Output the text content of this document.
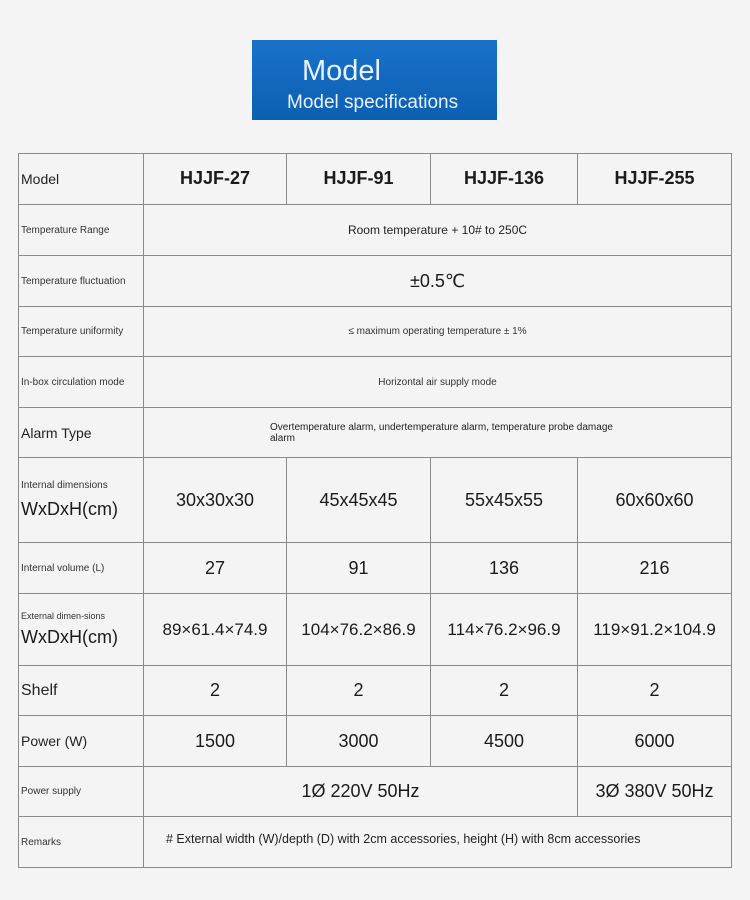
Model
Model specifications
Model	HJJF-27	HJJF-91	HJJF-136	HJJF-255
Temperature Range	Room temperature + 10# to 250C
Temperature fluctuation	±0.5℃
Temperature uniformity	≤ maximum operating temperature ± 1%
In-box circulation mode	Horizontal air supply mode
Alarm Type	Overtemperature alarm, undertemperature alarm, temperature probe damage alarm
Internal dimensions
WxDxH(cm)	30x30x30	45x45x45	55x45x55	60x60x60
Internal volume (L)	27	91	136	216
External dimen-sions
WxDxH(cm)	89×61.4×74.9	104×76.2×86.9	114×76.2×96.9	119×91.2×104.9
Shelf	2	2	2	2
Power (W)	1500	3000	4500	6000
Power supply	1Ø 220V 50Hz	3Ø 380V 50Hz
Remarks	# External width (W)/depth (D) with 2cm accessories, height (H) with 8cm accessories
